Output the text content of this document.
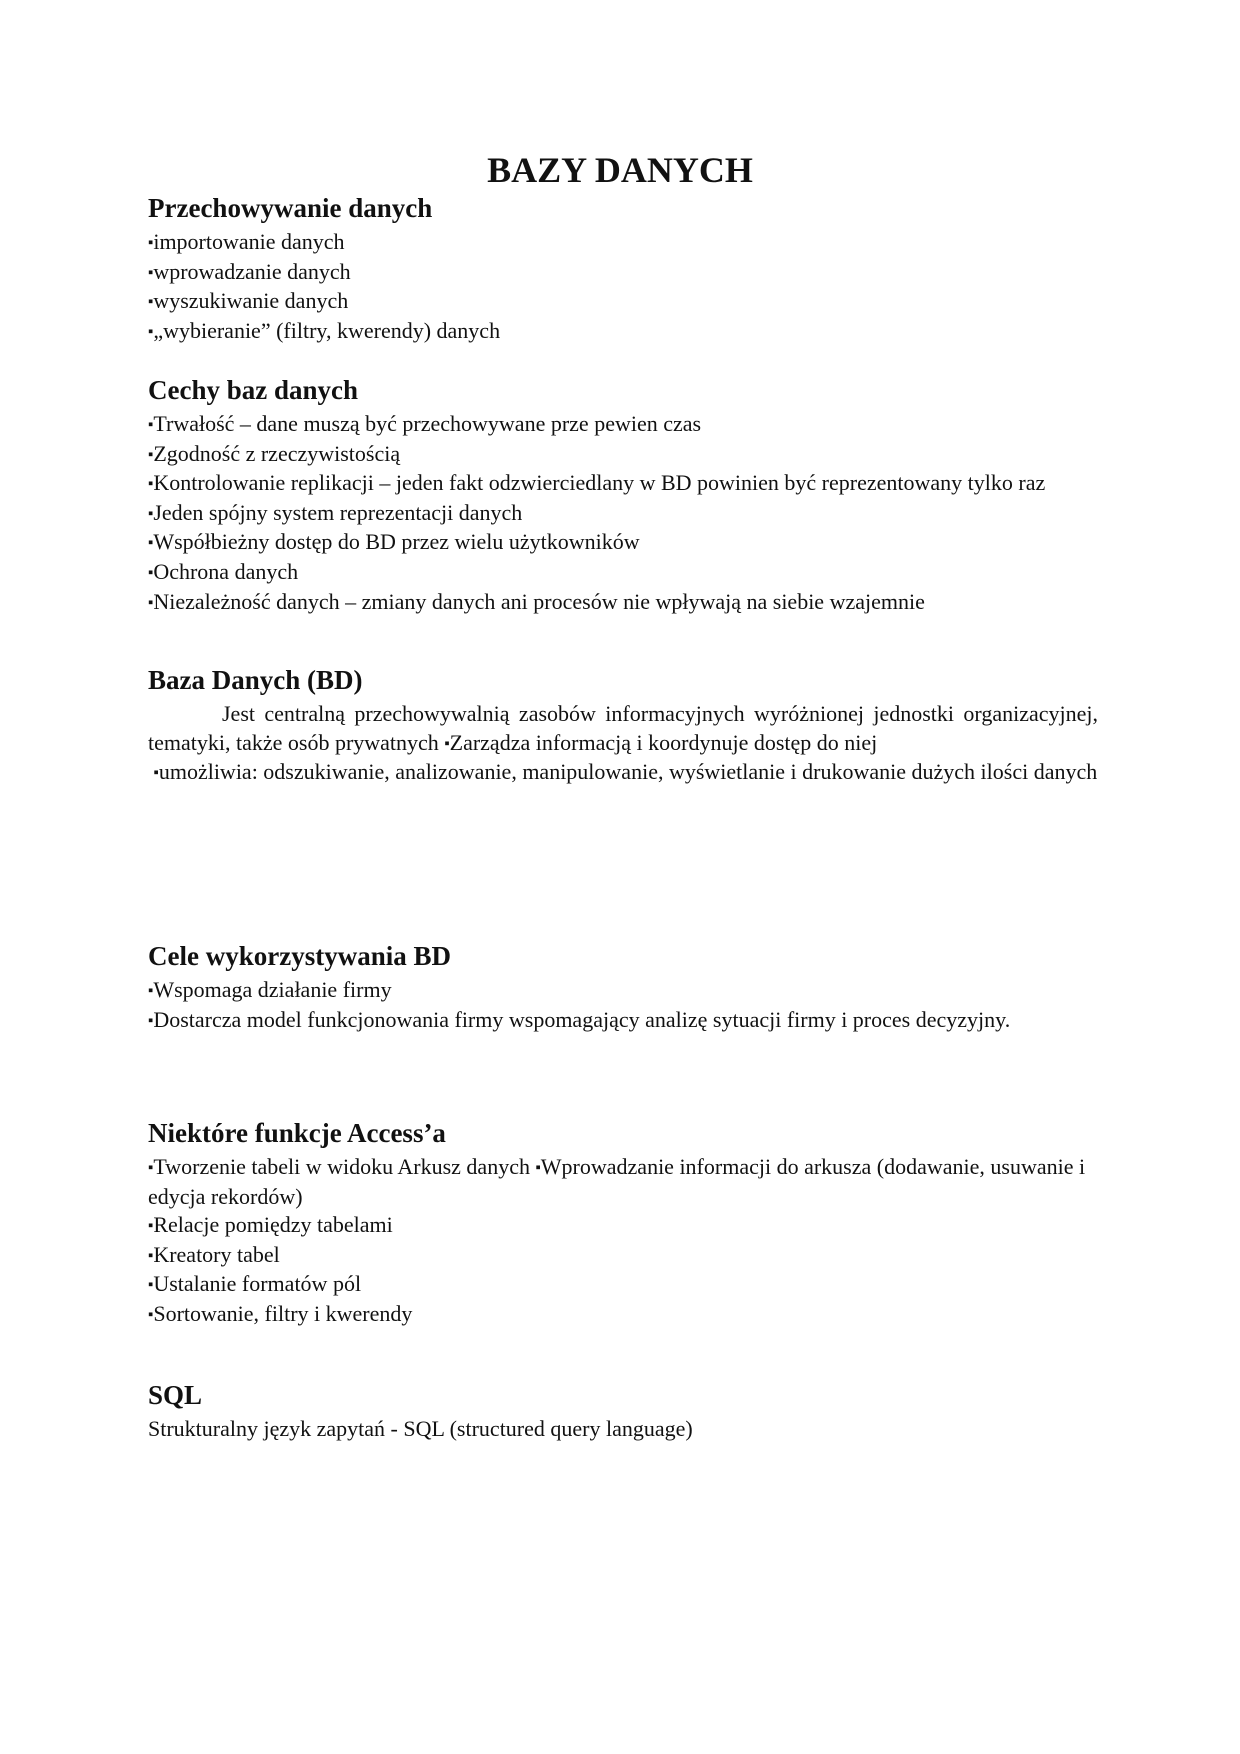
BAZY DANYCH
Przechowywanie danych

▪importowanie danych

▪wprowadzanie danych

▪wyszukiwanie danych

▪„wybieranie” (filtry, kwerendy) danych

Cechy baz danych

▪Trwałość – dane muszą być przechowywane prze pewien czas

▪Zgodność z rzeczywistością

▪Kontrolowanie replikacji – jeden fakt odzwierciedlany w BD powinien być reprezentowany tylko raz

▪Jeden spójny system reprezentacji danych

▪Współbieżny dostęp do BD przez wielu użytkowników

▪Ochrona danych

▪Niezależność danych – zmiany danych ani procesów nie wpływają na siebie wzajemnie

Baza Danych (BD)

Jest centralną przechowywalnią zasobów informacyjnych wyróżnionej jednostki organizacyjnej, tematyki, także osób prywatnych ▪Zarządza informacją i koordynuje dostęp do niej

▪umożliwia: odszukiwanie, analizowanie, manipulowanie, wyświetlanie i drukowanie dużych ilości danych

Cele wykorzystywania BD

▪Wspomaga działanie firmy

▪Dostarcza model funkcjonowania firmy wspomagający analizę sytuacji firmy i proces decyzyjny.

Niektóre funkcje Access’a

▪Tworzenie tabeli w widoku Arkusz danych ▪Wprowadzanie informacji do arkusza (dodawanie, usuwanie i edycja rekordów)

▪Relacje pomiędzy tabelami

▪Kreatory tabel

▪Ustalanie formatów pól

▪Sortowanie, filtry i kwerendy

SQL

Strukturalny język zapytań - SQL (structured query language)
